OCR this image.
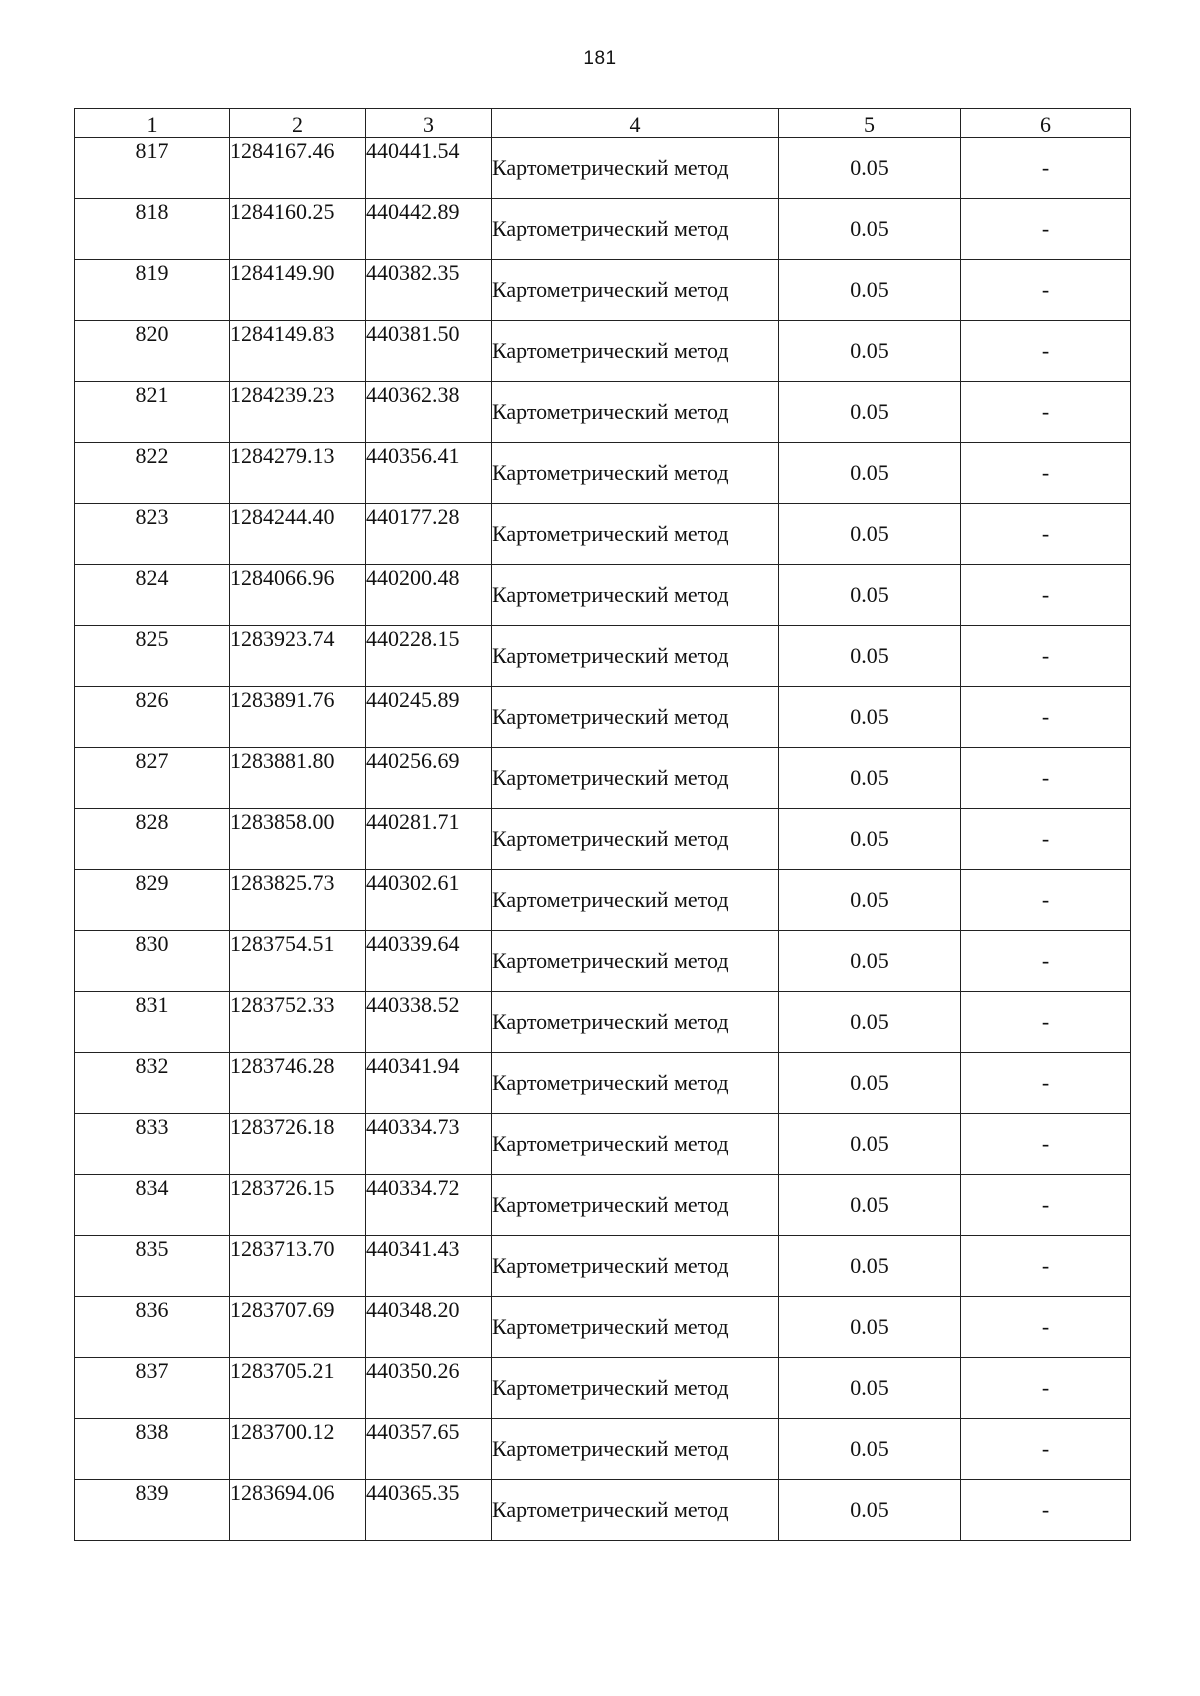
181
1	2	3	4	5	6
817	1284167.46	440441.54	Картометрический метод	0.05	-
818	1284160.25	440442.89	Картометрический метод	0.05	-
819	1284149.90	440382.35	Картометрический метод	0.05	-
820	1284149.83	440381.50	Картометрический метод	0.05	-
821	1284239.23	440362.38	Картометрический метод	0.05	-
822	1284279.13	440356.41	Картометрический метод	0.05	-
823	1284244.40	440177.28	Картометрический метод	0.05	-
824	1284066.96	440200.48	Картометрический метод	0.05	-
825	1283923.74	440228.15	Картометрический метод	0.05	-
826	1283891.76	440245.89	Картометрический метод	0.05	-
827	1283881.80	440256.69	Картометрический метод	0.05	-
828	1283858.00	440281.71	Картометрический метод	0.05	-
829	1283825.73	440302.61	Картометрический метод	0.05	-
830	1283754.51	440339.64	Картометрический метод	0.05	-
831	1283752.33	440338.52	Картометрический метод	0.05	-
832	1283746.28	440341.94	Картометрический метод	0.05	-
833	1283726.18	440334.73	Картометрический метод	0.05	-
834	1283726.15	440334.72	Картометрический метод	0.05	-
835	1283713.70	440341.43	Картометрический метод	0.05	-
836	1283707.69	440348.20	Картометрический метод	0.05	-
837	1283705.21	440350.26	Картометрический метод	0.05	-
838	1283700.12	440357.65	Картометрический метод	0.05	-
839	1283694.06	440365.35	Картометрический метод	0.05	-
